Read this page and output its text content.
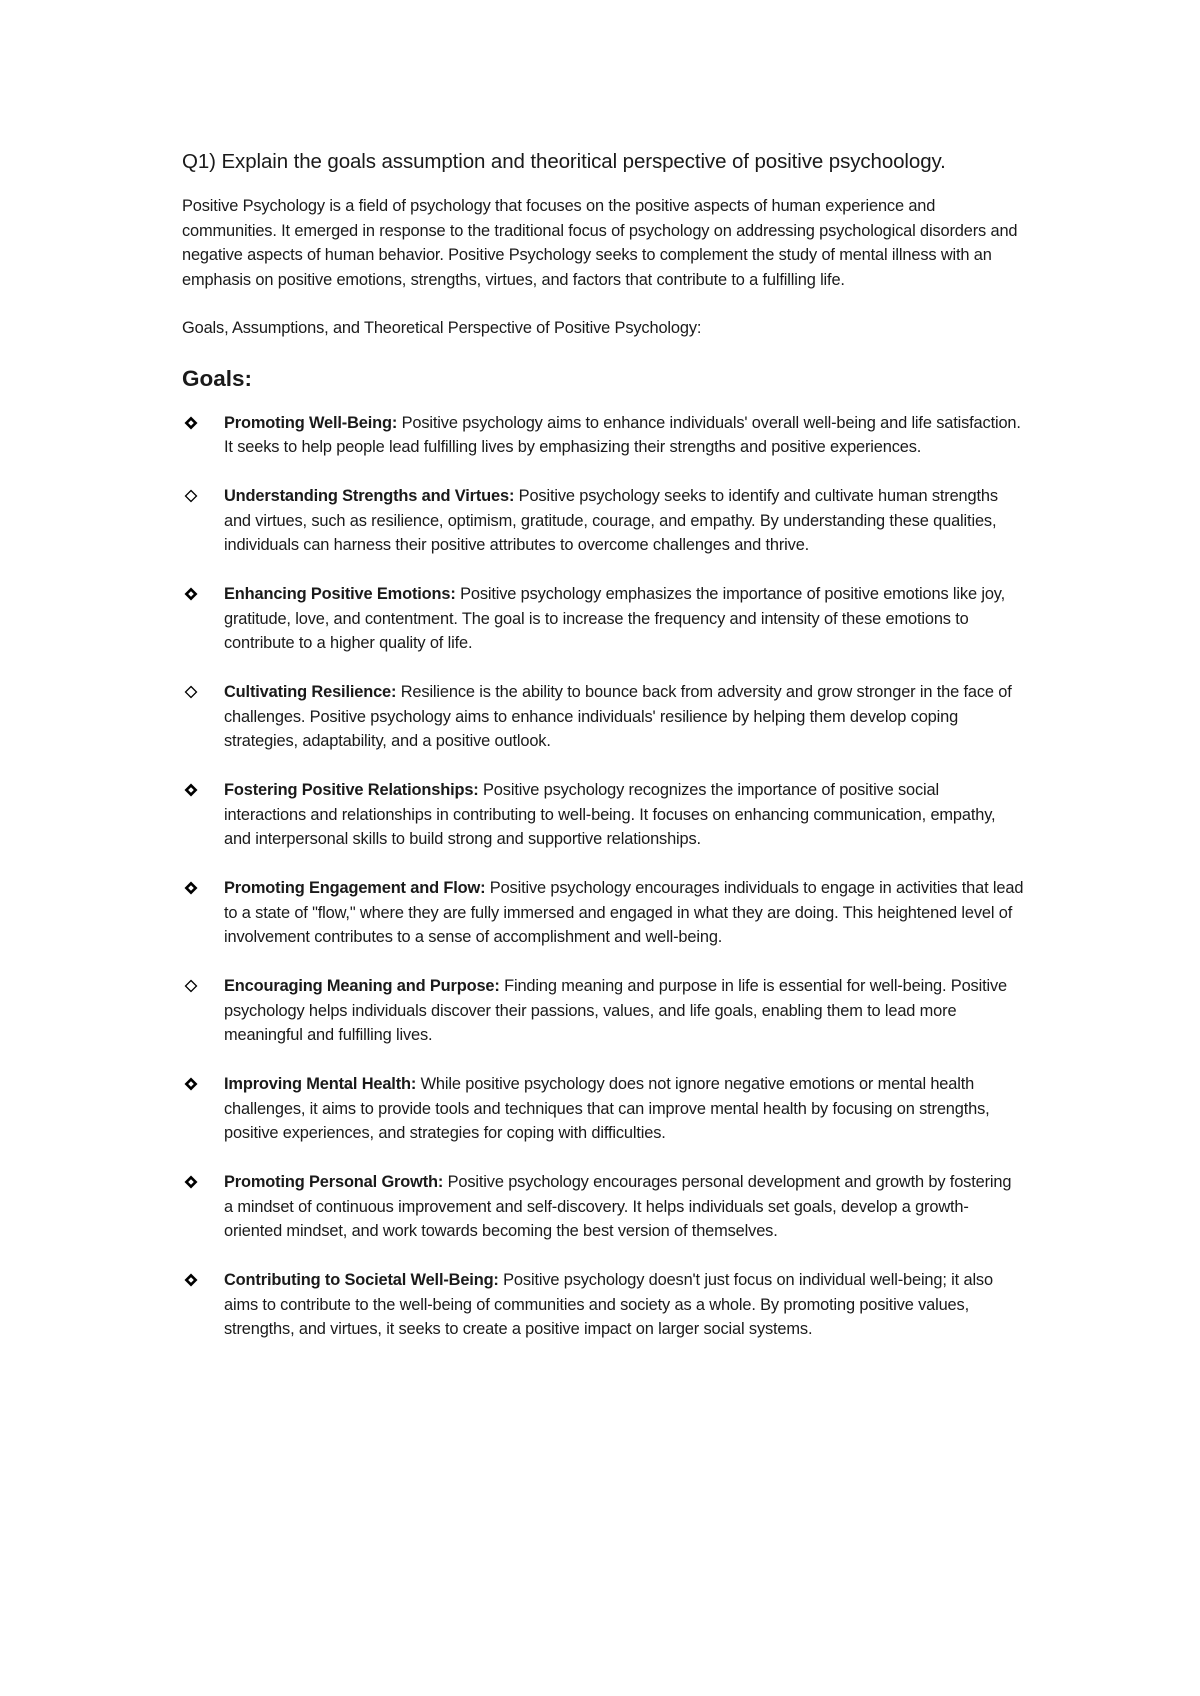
Q1) Explain the goals assumption and theoritical perspective of positive psychoology.

Positive Psychology is a field of psychology that focuses on the positive aspects of human experience and communities. It emerged in response to the traditional focus of psychology on addressing psychological disorders and negative aspects of human behavior. Positive Psychology seeks to complement the study of mental illness with an emphasis on positive emotions, strengths, virtues, and factors that contribute to a fulfilling life.

Goals, Assumptions, and Theoretical Perspective of Positive Psychology:

Goals:
Promoting Well-Being: Positive psychology aims to enhance individuals' overall well-being and life satisfaction. It seeks to help people lead fulfilling lives by emphasizing their strengths and positive experiences.
Understanding Strengths and Virtues: Positive psychology seeks to identify and cultivate human strengths and virtues, such as resilience, optimism, gratitude, courage, and empathy. By understanding these qualities, individuals can harness their positive attributes to overcome challenges and thrive.
Enhancing Positive Emotions: Positive psychology emphasizes the importance of positive emotions like joy, gratitude, love, and contentment. The goal is to increase the frequency and intensity of these emotions to contribute to a higher quality of life.
Cultivating Resilience: Resilience is the ability to bounce back from adversity and grow stronger in the face of challenges. Positive psychology aims to enhance individuals' resilience by helping them develop coping strategies, adaptability, and a positive outlook.
Fostering Positive Relationships: Positive psychology recognizes the importance of positive social interactions and relationships in contributing to well-being. It focuses on enhancing communication, empathy, and interpersonal skills to build strong and supportive relationships.
Promoting Engagement and Flow: Positive psychology encourages individuals to engage in activities that lead to a state of "flow," where they are fully immersed and engaged in what they are doing. This heightened level of involvement contributes to a sense of accomplishment and well-being.
Encouraging Meaning and Purpose: Finding meaning and purpose in life is essential for well-being. Positive psychology helps individuals discover their passions, values, and life goals, enabling them to lead more meaningful and fulfilling lives.
Improving Mental Health: While positive psychology does not ignore negative emotions or mental health challenges, it aims to provide tools and techniques that can improve mental health by focusing on strengths, positive experiences, and strategies for coping with difficulties.
Promoting Personal Growth: Positive psychology encourages personal development and growth by fostering a mindset of continuous improvement and self-discovery. It helps individuals set goals, develop a growth-oriented mindset, and work towards becoming the best version of themselves.
Contributing to Societal Well-Being: Positive psychology doesn't just focus on individual well-being; it also aims to contribute to the well-being of communities and society as a whole. By promoting positive values, strengths, and virtues, it seeks to create a positive impact on larger social systems.
